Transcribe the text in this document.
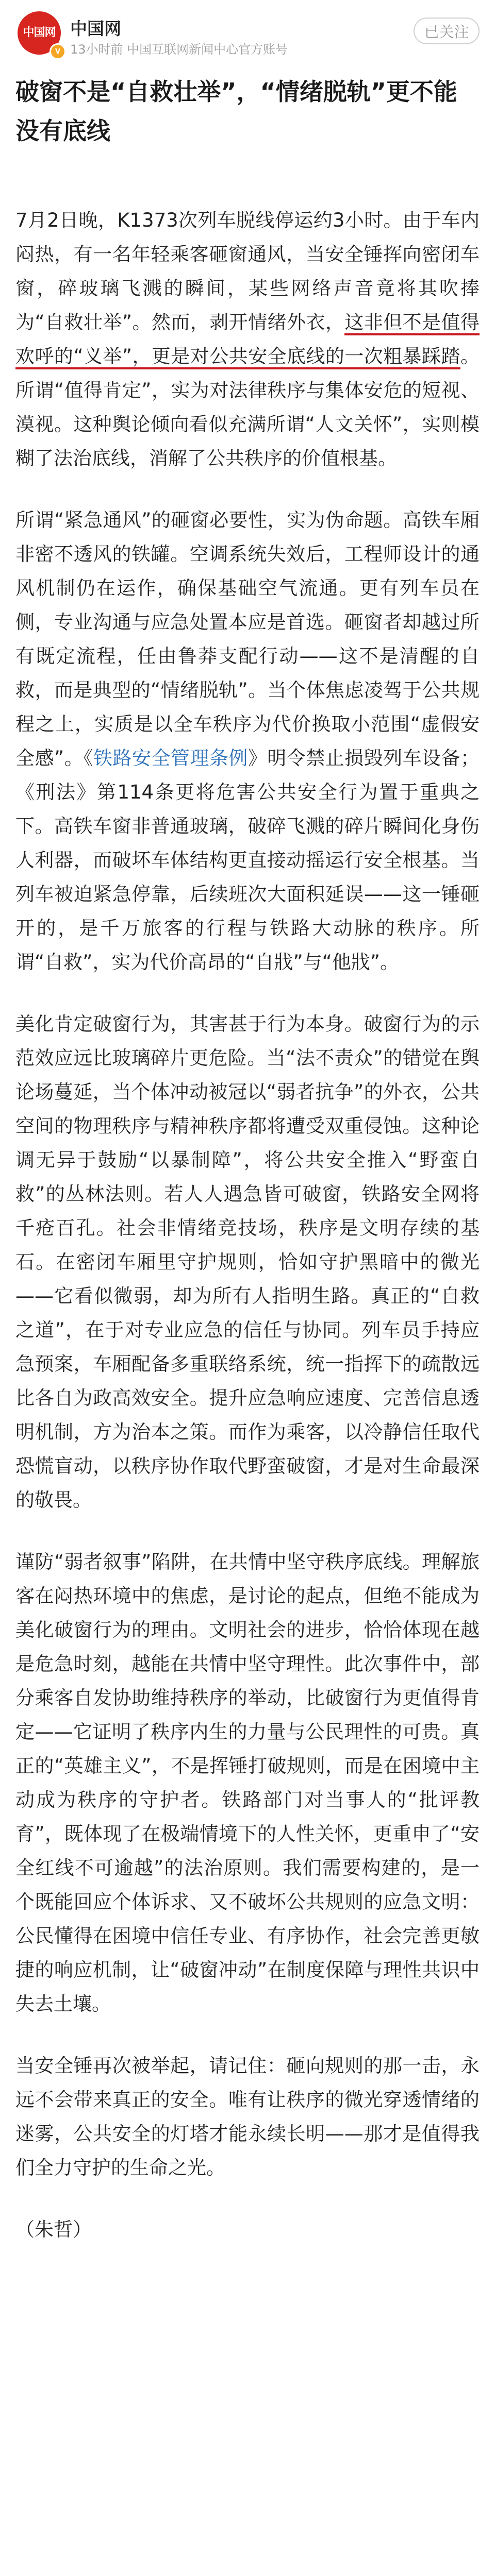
中国网
V
中国网
13小时前 中国互联网新闻中心官方账号
已关注
破窗不是“自救壮举”，“情绪脱轨”更不能没有底线

7月2日晚，K1373次列车脱线停运约3小时。由于车内闷热，有一名年轻乘客砸窗通风，当安全锤挥向密闭车窗，碎玻璃飞溅的瞬间，某些网络声音竟将其吹捧为“自救壮举”。然而，剥开情绪外衣，这非但不是值得欢呼的“义举”，更是对公共安全底线的一次粗暴踩踏。所谓“值得肯定”，实为对法律秩序与集体安危的短视、漠视。这种舆论倾向看似充满所谓“人文关怀”，实则模糊了法治底线，消解了公共秩序的价值根基。

所谓“紧急通风”的砸窗必要性，实为伪命题。高铁车厢非密不透风的铁罐。空调系统失效后，工程师设计的通风机制仍在运作，确保基础空气流通。更有列车员在侧，专业沟通与应急处置本应是首选。砸窗者却越过所有既定流程，任由鲁莽支配行动——这不是清醒的自救，而是典型的“情绪脱轨”。当个体焦虑凌驾于公共规程之上，实质是以全车秩序为代价换取小范围“虚假安全感”。《铁路安全管理条例》明令禁止损毁列车设备；《刑法》第114条更将危害公共安全行为置于重典之下。高铁车窗非普通玻璃，破碎飞溅的碎片瞬间化身伤人利器，而破坏车体结构更直接动摇运行安全根基。当列车被迫紧急停靠，后续班次大面积延误——这一锤砸开的，是千万旅客的行程与铁路大动脉的秩序。所谓“自救”，实为代价高昂的“自戕”与“他戕”。

美化肯定破窗行为，其害甚于行为本身。破窗行为的示范效应远比玻璃碎片更危险。当“法不责众”的错觉在舆论场蔓延，当个体冲动被冠以“弱者抗争”的外衣，公共空间的物理秩序与精神秩序都将遭受双重侵蚀。这种论调无异于鼓励“以暴制障”，将公共安全推入“野蛮自救”的丛林法则。若人人遇急皆可破窗，铁路安全网将千疮百孔。社会非情绪竞技场，秩序是文明存续的基石。在密闭车厢里守护规则，恰如守护黑暗中的微光——它看似微弱，却为所有人指明生路。真正的“自救之道”，在于对专业应急的信任与协同。列车员手持应急预案，车厢配备多重联络系统，统一指挥下的疏散远比各自为政高效安全。提升应急响应速度、完善信息透明机制，方为治本之策。而作为乘客，以冷静信任取代恐慌盲动，以秩序协作取代野蛮破窗，才是对生命最深的敬畏。

谨防“弱者叙事”陷阱，在共情中坚守秩序底线。理解旅客在闷热环境中的焦虑，是讨论的起点，但绝不能成为美化破窗行为的理由。文明社会的进步，恰恰体现在越是危急时刻，越能在共情中坚守理性。此次事件中，部分乘客自发协助维持秩序的举动，比破窗行为更值得肯定——它证明了秩序内生的力量与公民理性的可贵。真正的“英雄主义”，不是挥锤打破规则，而是在困境中主动成为秩序的守护者。铁路部门对当事人的“批评教育”，既体现了在极端情境下的人性关怀，更重申了“安全红线不可逾越”的法治原则。我们需要构建的，是一个既能回应个体诉求、又不破坏公共规则的应急文明：公民懂得在困境中信任专业、有序协作，社会完善更敏捷的响应机制，让“破窗冲动”在制度保障与理性共识中失去土壤。

当安全锤再次被举起，请记住：砸向规则的那一击，永远不会带来真正的安全。唯有让秩序的微光穿透情绪的迷雾，公共安全的灯塔才能永续长明——那才是值得我们全力守护的生命之光。

（朱哲）
